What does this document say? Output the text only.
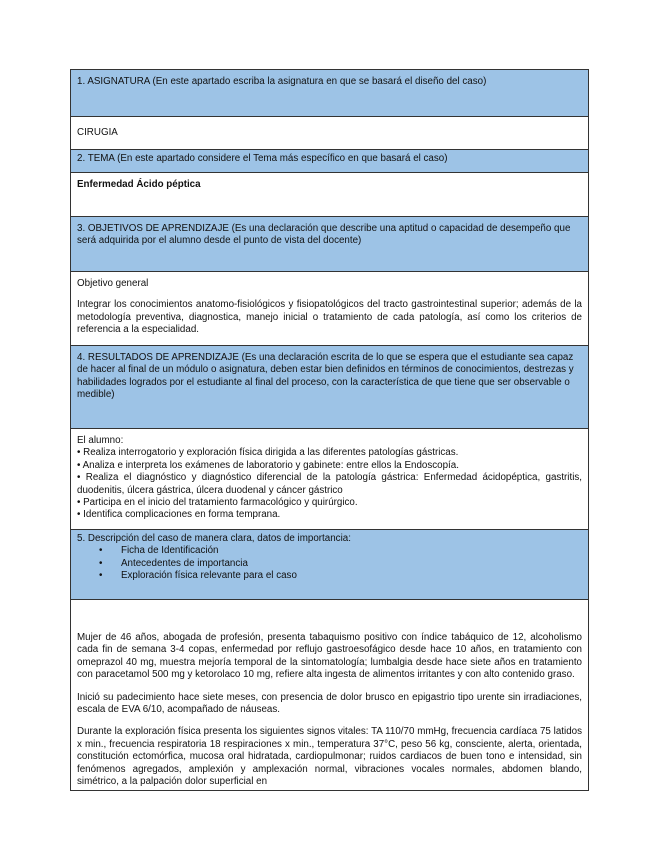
1. ASIGNATURA (En este apartado escriba la asignatura en que se basará el diseño del caso)

CIRUGIA

2. TEMA (En este apartado considere el Tema más específico en que basará el caso)

Enfermedad Ácido péptica

3. OBJETIVOS DE APRENDIZAJE (Es una declaración que describe una aptitud o capacidad de desempeño que será adquirida por el alumno desde el punto de vista del docente)

Objetivo general

Integrar los conocimientos anatomo-fisiológicos y fisiopatológicos del tracto gastrointestinal superior; además de la metodología preventiva, diagnostica, manejo inicial o tratamiento de cada patología, así como los criterios de referencia a la especialidad.

4. RESULTADOS DE APRENDIZAJE (Es una declaración escrita de lo que se espera que el estudiante sea capaz de hacer al final de un módulo o asignatura, deben estar bien definidos en términos de conocimientos, destrezas y habilidades logrados por el estudiante al final del proceso, con la característica de que tiene que ser observable o medible)

El alumno:

• Realiza interrogatorio y exploración física dirigida a las diferentes patologías gástricas.
• Analiza e interpreta los exámenes de laboratorio y gabinete: entre ellos la Endoscopía.
• Realiza el diagnóstico y diagnóstico diferencial de la patología gástrica: Enfermedad ácidopéptica, gastritis, duodenitis, úlcera gástrica, úlcera duodenal y cáncer gástrico
• Participa en el inicio del tratamiento farmacológico y quirúrgico.
• Identifica complicaciones en forma temprana.

5. Descripción del caso de manera clara, datos de importancia:

• Ficha de Identificación
• Antecedentes de importancia
• Exploración física relevante para el caso

Mujer de 46 años, abogada de profesión, presenta tabaquismo positivo con índice tabáquico de 12, alcoholismo cada fin de semana 3-4 copas, enfermedad por reflujo gastroesofágico desde hace 10 años, en tratamiento con omeprazol 40 mg, muestra mejoría temporal de la sintomatología; lumbalgia desde hace siete años en tratamiento con paracetamol 500 mg y ketorolaco 10 mg, refiere alta ingesta de alimentos irritantes y con alto contenido graso.

Inició su padecimiento hace siete meses, con presencia de dolor brusco en epigastrio tipo urente sin irradiaciones, escala de EVA 6/10, acompañado de náuseas.

Durante la exploración física presenta los siguientes signos vitales: TA 110/70 mmHg, frecuencia cardíaca 75 latidos x min., frecuencia respiratoria 18 respiraciones x min., temperatura 37°C, peso 56 kg, consciente, alerta, orientada, constitución ectomórfica, mucosa oral hidratada, cardiopulmonar; ruidos cardiacos de buen tono e intensidad, sin fenómenos agregados, amplexión y amplexación normal, vibraciones vocales normales, abdomen blando, simétrico, a la palpación dolor superficial en
